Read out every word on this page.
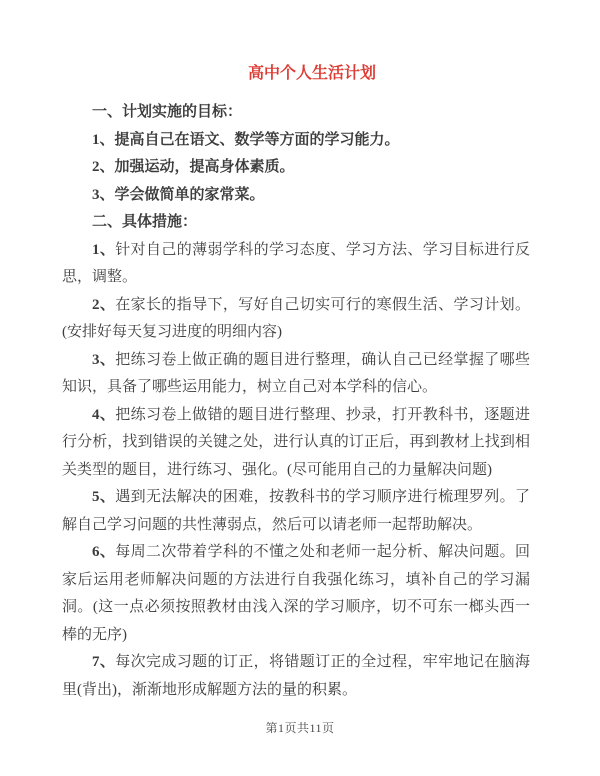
高中个人生活计划

一、计划实施的目标：

1、提高自己在语文、数学等方面的学习能力。

2、加强运动，提高身体素质。

3、学会做简单的家常菜。

二、具体措施：

1、针对自己的薄弱学科的学习态度、学习方法、学习目标进行反思，调整。

2、在家长的指导下，写好自己切实可行的寒假生活、学习计划。(安排好每天复习进度的明细内容)

3、把练习卷上做正确的题目进行整理，确认自己已经掌握了哪些知识，具备了哪些运用能力，树立自己对本学科的信心。

4、把练习卷上做错的题目进行整理、抄录，打开教科书，逐题进行分析，找到错误的关键之处，进行认真的订正后，再到教材上找到相关类型的题目，进行练习、强化。(尽可能用自己的力量解决问题)

5、遇到无法解决的困难，按教科书的学习顺序进行梳理罗列。了解自己学习问题的共性薄弱点，然后可以请老师一起帮助解决。

6、每周二次带着学科的不懂之处和老师一起分析、解决问题。回家后运用老师解决问题的方法进行自我强化练习，填补自己的学习漏洞。(这一点必须按照教材由浅入深的学习顺序，切不可东一榔头西一棒的无序)

7、每次完成习题的订正，将错题订正的全过程，牢牢地记在脑海里(背出)，渐渐地形成解题方法的量的积累。

第1页共11页
